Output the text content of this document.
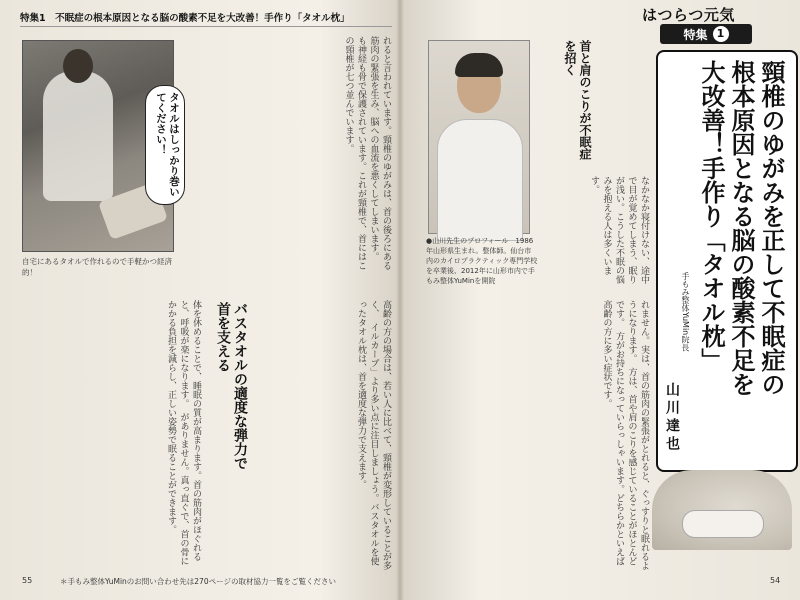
特集1　不眠症の根本原因となる脳の酸素不足を大改善！手作り「タオル枕」
タオルはしっかり巻いてください！
自宅にあるタオルで作れるので手軽かつ経済的！
れると言われています。頸椎のゆがみは、首の後ろにある筋肉の緊張を生み、脳への血流を悪くしてしまいます。　も神経も骨で保護されています。これが頸椎で、首にはこの頸椎が七つ並んでいます。
体を休めることで、睡眠の質が高まります。首の筋肉がほぐれると、呼吸が楽になります。　がありません。真っ直ぐで、首の骨にかかる負担を減らし、正しい姿勢で眠ることができます。	バスタオルの適度な弾力で首を支える	高齢の方の場合は、若い人に比べて、頸椎が変形していることが多く、　イルカーブ」より多い点に注目しましょう。バスタオルを使ったタオル枕は、首を適度な弾力で支えます。
＊手もみ整体YuMinのお問い合わせ先は270ページの取材協力一覧をご覧ください
55
はつらつ元気
特集 1
●山川先生のプロフィール　1986年山形県生まれ。整体師。仙台市内のカイロプラクティック専門学校を卒業後、2012年に山形市内で手もみ整体YuMinを開院
首と肩のこりが不眠症を招く
なかなか寝付けない、途中で目が覚めてしまう、眠りが浅い。こうした不眠の悩みを抱える人は多くいます。
れません。実は、首の筋肉の緊張がとれると、ぐっすりと眠れるようになります。　方は、首や肩のこりを感じていることがほとんどです。　方がお持ちになっていらっしゃいます。どちらかといえば高齢の方に多い症状です。	頸椎のゆがみを正して不眠症の
根本原因となる脳の酸素不足を
大改善！手作り「タオル枕」
手もみ整体YuMin院長
山川達也
54
